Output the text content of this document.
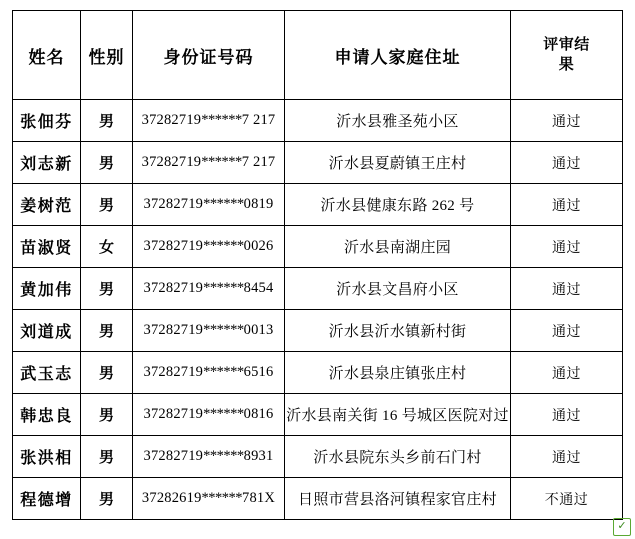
姓名	性别	身份证号码	申请人家庭住址	评审结
果
张佃芬	男	37282719******7 217	沂水县雅圣苑小区	通过
刘志新	男	37282719******7 217	沂水县夏蔚镇王庄村	通过
姜树范	男	37282719******0819	沂水县健康东路 262 号	通过
苗淑贤	女	37282719******0026	沂水县南湖庄园	通过
黄加伟	男	37282719******8454	沂水县文昌府小区	通过
刘道成	男	37282719******0013	沂水县沂水镇新村街	通过
武玉志	男	37282719******6516	沂水县泉庄镇张庄村	通过
韩忠良	男	37282719******0816	沂水县南关街 16 号城区医院对过	通过
张洪相	男	37282719******8931	沂水县院东头乡前石门村	通过
程德增	男	37282619******781X	日照市营县洛河镇程家官庄村	不通过
✓
